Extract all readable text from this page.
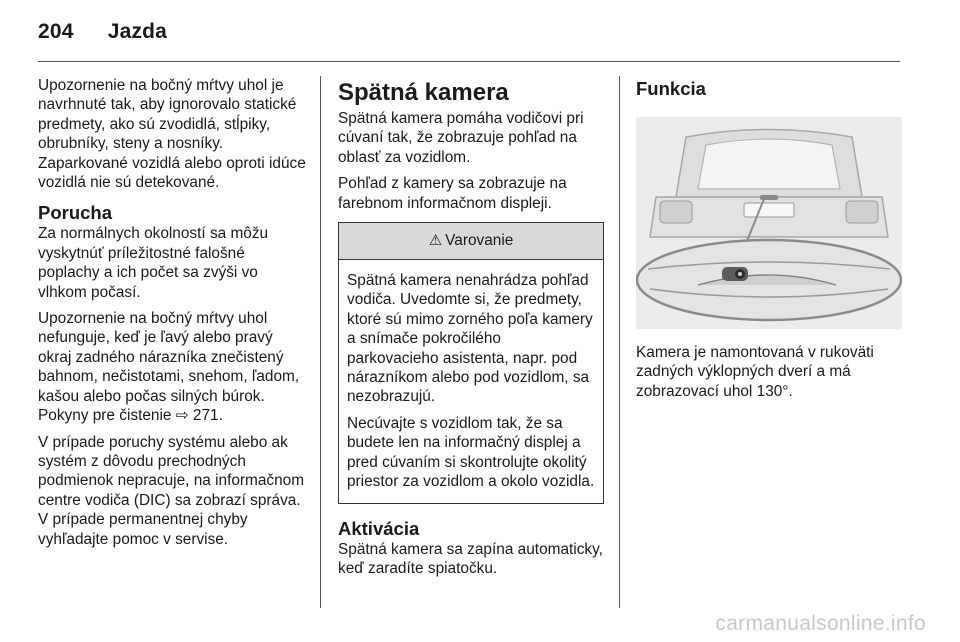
204 Jazda

Upozornenie na bočný mŕtvy uhol je navrhnuté tak, aby ignorovalo statické predmety, ako sú zvodidlá, stĺpiky, obrubníky, steny a nosníky. Zaparkované vozidlá alebo oproti idúce vozidlá nie sú detekované.

Porucha

Za normálnych okolností sa môžu vyskytnúť príležitostné falošné poplachy a ich počet sa zvýši vo vlhkom počasí.

Upozornenie na bočný mŕtvy uhol nefunguje, keď je ľavý alebo pravý okraj zadného nárazníka znečistený bahnom, nečistotami, snehom, ľadom, kašou alebo počas silných búrok. Pokyny pre čistenie ⇨ 271.

V prípade poruchy systému alebo ak systém z dôvodu prechodných podmienok nepracuje, na informačnom centre vodiča (DIC) sa zobrazí správa. V prípade permanentnej chyby vyhľadajte pomoc v servise.

Spätná kamera

Spätná kamera pomáha vodičovi pri cúvaní tak, že zobrazuje pohľad na oblasť za vozidlom.

Pohľad z kamery sa zobrazuje na farebnom informačnom displeji.

⚠ Varovanie

Spätná kamera nenahrádza pohľad vodiča. Uvedomte si, že predmety, ktoré sú mimo zorného poľa kamery a snímače pokročilého parkovacieho asistenta, napr. pod nárazníkom alebo pod vozidlom, sa nezobrazujú.

Necúvajte s vozidlom tak, že sa budete len na informačný displej a pred cúvaním si skontrolujte okolitý priestor za vozidlom a okolo vozidla.

Aktivácia

Spätná kamera sa zapína automaticky, keď zaradíte spiatočku.

Funkcia

Kamera je namontovaná v rukoväti zadných výklopných dverí a má zobrazovací uhol 130°.

carmanualsonline.info
